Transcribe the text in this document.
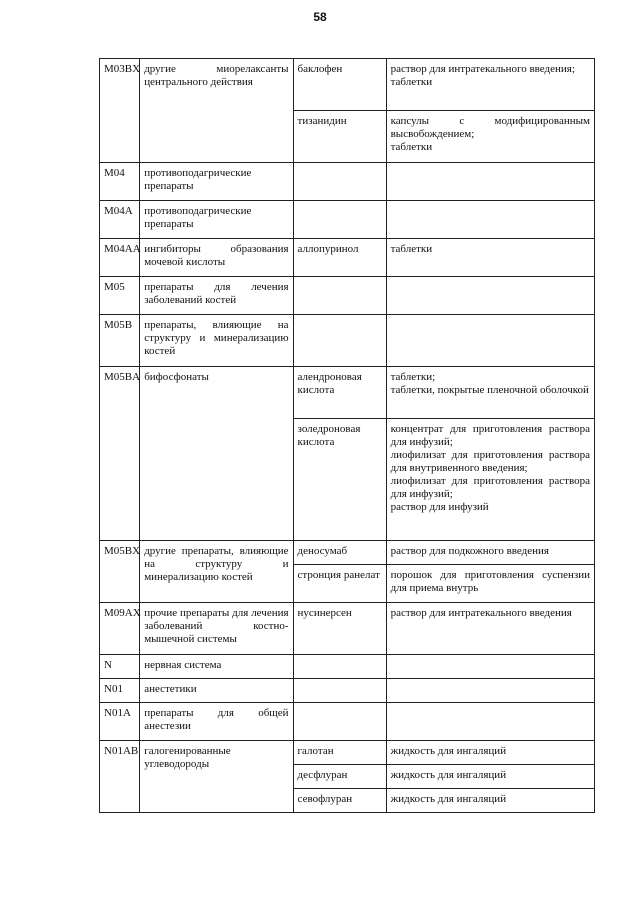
58
M03BX	другие миорелаксанты центрального действия	баклофен	раствор для интратекального введения;
таблетки

		тизанидин	капсулы с модифицированным высвобождением;
таблетки

M04	противоподагрические препараты		
M04A	противоподагрические препараты		
M04AA	ингибиторы образования мочевой кислоты	аллопуринол	таблетки

M05	препараты для лечения заболеваний костей		
M05B	препараты, влияющие на структуру и минерализацию костей		
M05BA	бифосфонаты	алендроновая кислота	таблетки;
таблетки, покрытые пленочной оболочкой

		золедроновая кислота	концентрат для приготовления раствора для инфузий;
лиофилизат для приготовления раствора для внутривенного введения;
лиофилизат для приготовления раствора для инфузий;
раствор для инфузий

M05BX	другие препараты, влияющие на структуру и минерализацию костей	деносумаб	раствор для подкожного введения

		стронция ранелат	порошок для приготовления суспензии для приема внутрь

M09AX	прочие препараты для лечения заболеваний костно-мышечной системы	нусинерсен	раствор для интратекального введения

N	нервная система		
N01	анестетики		
N01A	препараты для общей анестезии		
N01AB	галогенированные углеводороды	галотан	жидкость для ингаляций

		десфлуран	жидкость для ингаляций

		севофлуран	жидкость для ингаляций
